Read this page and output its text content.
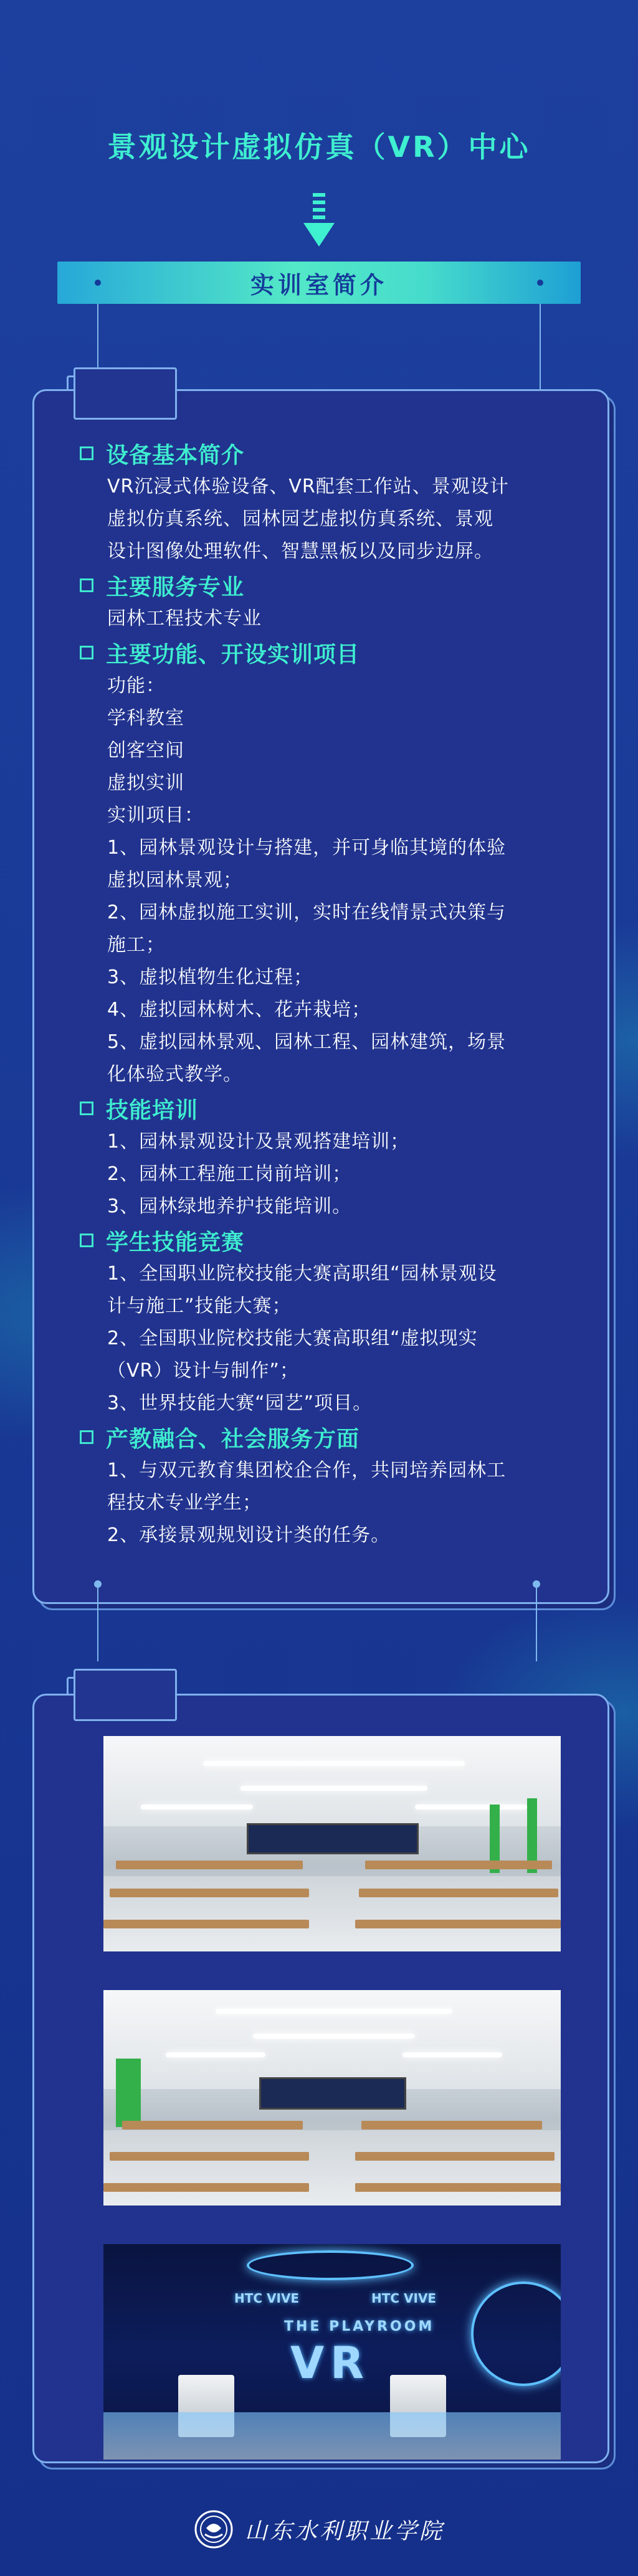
景观设计虚拟仿真（VR）中心
实训室简介
设备基本简介
VR沉浸式体验设备、VR配套工作站、景观设计
虚拟仿真系统、园林园艺虚拟仿真系统、景观
设计图像处理软件、智慧黑板以及同步边屏。
主要服务专业
园林工程技术专业
主要功能、开设实训项目
功能：
学科教室
创客空间
虚拟实训
实训项目：
1、园林景观设计与搭建，并可身临其境的体验
虚拟园林景观；
2、园林虚拟施工实训，实时在线情景式决策与
施工；
3、虚拟植物生化过程；
4、虚拟园林树木、花卉栽培；
5、虚拟园林景观、园林工程、园林建筑，场景
化体验式教学。
技能培训
1、园林景观设计及景观搭建培训；
2、园林工程施工岗前培训；
3、园林绿地养护技能培训。
学生技能竞赛
1、全国职业院校技能大赛高职组“园林景观设
计与施工”技能大赛；
2、全国职业院校技能大赛高职组“虚拟现实
（VR）设计与制作”；
3、世界技能大赛“园艺”项目。
产教融合、社会服务方面
1、与双元教育集团校企合作，共同培养园林工
程技术专业学生；
2、承接景观规划设计类的任务。
HTC VIVE	HTC VIVE
THE PLAYROOM
VR
山东水利职业学院
